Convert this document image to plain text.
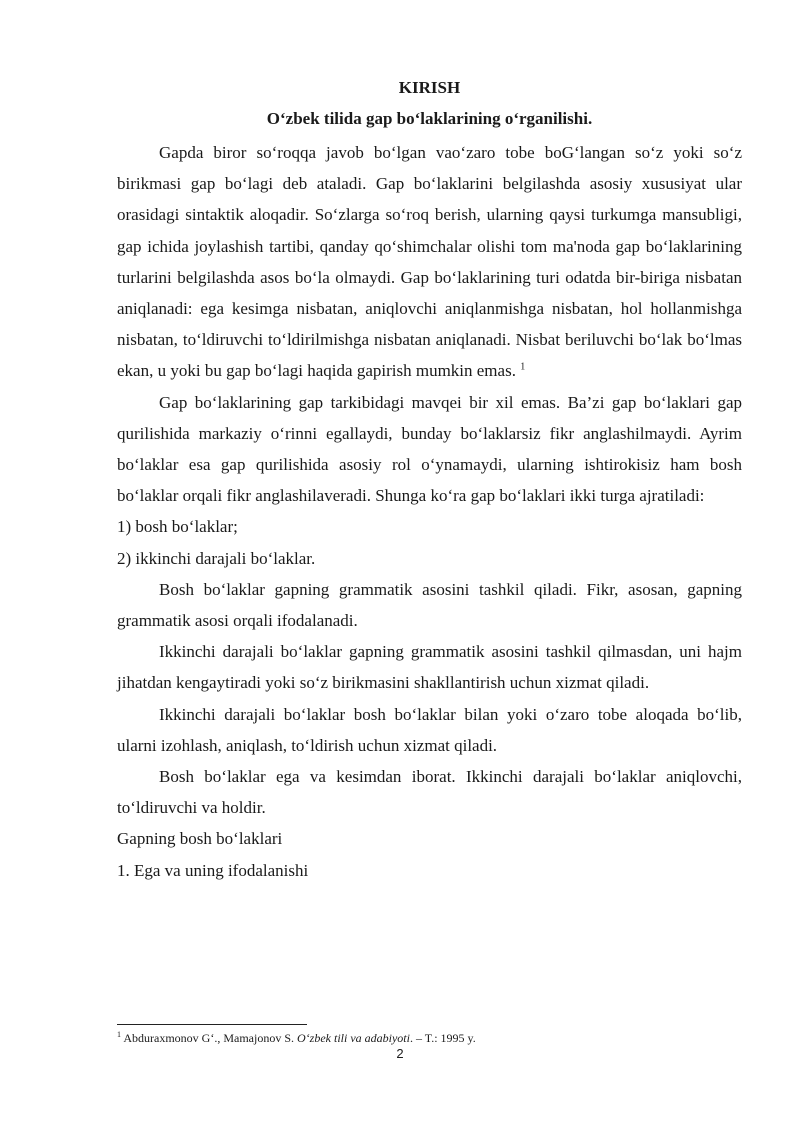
KIRISH
O‘zbek tilida gap bo‘laklarining o‘rganilishi.

Gapda biror so‘roqqa javob bo‘lgan vao‘zaro tobe boG‘langan so‘z yoki so‘z birikmasi gap bo‘lagi deb ataladi. Gap bo‘laklarini belgilashda asosiy xususiyat ular orasidagi sintaktik aloqadir. So‘zlarga so‘roq berish, ularning qaysi turkumga mansubligi, gap ichida joylashish tartibi, qanday qo‘shimchalar olishi tom ma'noda gap bo‘laklarining turlarini belgilashda asos bo‘la olmaydi. Gap bo‘laklarining turi odatda bir-biriga nisbatan aniqlanadi: ega kesimga nisbatan, aniqlovchi aniqlanmishga nisbatan, hol hollanmishga nisbatan, to‘ldiruvchi to‘ldirilmishga nisbatan aniqlanadi. Nisbat beriluvchi bo‘lak bo‘lmas ekan, u yoki bu gap bo‘lagi haqida gapirish mumkin emas. $^1$

Gap bo‘laklarining gap tarkibidagi mavqei bir xil emas. Ba’zi gap bo‘laklari gap qurilishida markaziy o‘rinni egallaydi, bunday bo‘laklarsiz fikr anglashilmaydi. Ayrim bo‘laklar esa gap qurilishida asosiy rol o‘ynamaydi, ularning ishtirokisiz ham bosh bo‘laklar orqali fikr anglashilaveradi. Shunga ko‘ra gap bo‘laklari ikki turga ajratiladi:

1) bosh bo‘laklar;

2) ikkinchi darajali bo‘laklar.

Bosh bo‘laklar gapning grammatik asosini tashkil qiladi. Fikr, asosan, gapning grammatik asosi orqali ifodalanadi.

Ikkinchi darajali bo‘laklar gapning grammatik asosini tashkil qilmasdan, uni hajm jihatdan kengaytiradi yoki so‘z birikmasini shakllantirish uchun xizmat qiladi.

Ikkinchi darajali bo‘laklar bosh bo‘laklar bilan yoki o‘zaro tobe aloqada bo‘lib, ularni izohlash, aniqlash, to‘ldirish uchun xizmat qiladi.

Bosh bo‘laklar ega va kesimdan iborat. Ikkinchi darajali bo‘laklar aniqlovchi, to‘ldiruvchi va holdir.

Gapning bosh bo‘laklari

1. Ega va uning ifodalanishi

$^1$ Abduraxmonov G‘., Mamajonov S. O‘zbek tili va adabiyoti. – T.: 1995 y.
2
